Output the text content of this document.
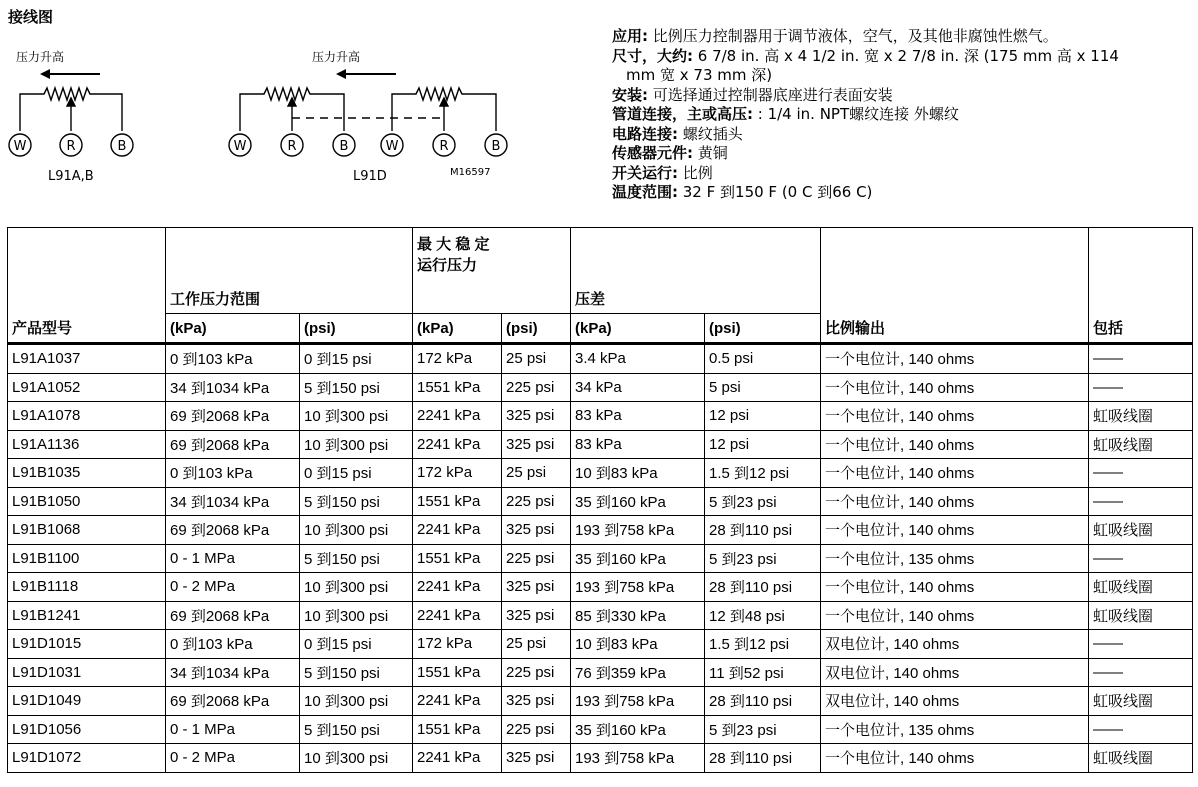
接线图
压力升高
W	R	B
L91A,B
压力升高
W	R	B	W	R	B
M16597
L91D
应用: 比例压力控制器用于调节液体，空气，及其他非腐蚀性燃气。
尺寸，大约: 6 7/8 in. 高 x 4 1/2 in. 宽 x 2 7/8 in. 深 (175 mm 高 x 114
mm 宽 x 73 mm 深)
安装: 可选择通过控制器底座进行表面安装
管道连接，主或高压: : 1/4 in. NPT螺纹连接 外螺纹
电路连接: 螺纹插头
传感器元件: 黄铜
开关运行: 比例
温度范围: 32 F 到150 F (0 C 到66 C)
产品型号	工作压力范围		最 大 稳 定
运行压力		压差		比例输出	包括
	(kPa)	(psi)	(kPa)	(psi)	(kPa)	(psi)		
L91A1037	0 到103 kPa	0 到15 psi	172 kPa	25 psi	3.4 kPa	0.5 psi	一个电位计, 140 ohms	——
L91A1052	34 到1034 kPa	5 到150 psi	1551 kPa	225 psi	34 kPa	5 psi	一个电位计, 140 ohms	——
L91A1078	69 到2068 kPa	10 到300 psi	2241 kPa	325 psi	83 kPa	12 psi	一个电位计, 140 ohms	虹吸线圈
L91A1136	69 到2068 kPa	10 到300 psi	2241 kPa	325 psi	83 kPa	12 psi	一个电位计, 140 ohms	虹吸线圈
L91B1035	0 到103 kPa	0 到15 psi	172 kPa	25 psi	10 到83 kPa	1.5 到12 psi	一个电位计, 140 ohms	——
L91B1050	34 到1034 kPa	5 到150 psi	1551 kPa	225 psi	35 到160 kPa	5 到23 psi	一个电位计, 140 ohms	——
L91B1068	69 到2068 kPa	10 到300 psi	2241 kPa	325 psi	193 到758 kPa	28 到110 psi	一个电位计, 140 ohms	虹吸线圈
L91B1100	0 - 1 MPa	5 到150 psi	1551 kPa	225 psi	35 到160 kPa	5 到23 psi	一个电位计, 135 ohms	——
L91B1118	0 - 2 MPa	10 到300 psi	2241 kPa	325 psi	193 到758 kPa	28 到110 psi	一个电位计, 140 ohms	虹吸线圈
L91B1241	69 到2068 kPa	10 到300 psi	2241 kPa	325 psi	85 到330 kPa	12 到48 psi	一个电位计, 140 ohms	虹吸线圈
L91D1015	0 到103 kPa	0 到15 psi	172 kPa	25 psi	10 到83 kPa	1.5 到12 psi	双电位计, 140 ohms	——
L91D1031	34 到1034 kPa	5 到150 psi	1551 kPa	225 psi	76 到359 kPa	11 到52 psi	双电位计, 140 ohms	——
L91D1049	69 到2068 kPa	10 到300 psi	2241 kPa	325 psi	193 到758 kPa	28 到110 psi	双电位计, 140 ohms	虹吸线圈
L91D1056	0 - 1 MPa	5 到150 psi	1551 kPa	225 psi	35 到160 kPa	5 到23 psi	一个电位计, 135 ohms	——
L91D1072	0 - 2 MPa	10 到300 psi	2241 kPa	325 psi	193 到758 kPa	28 到110 psi	一个电位计, 140 ohms	虹吸线圈
